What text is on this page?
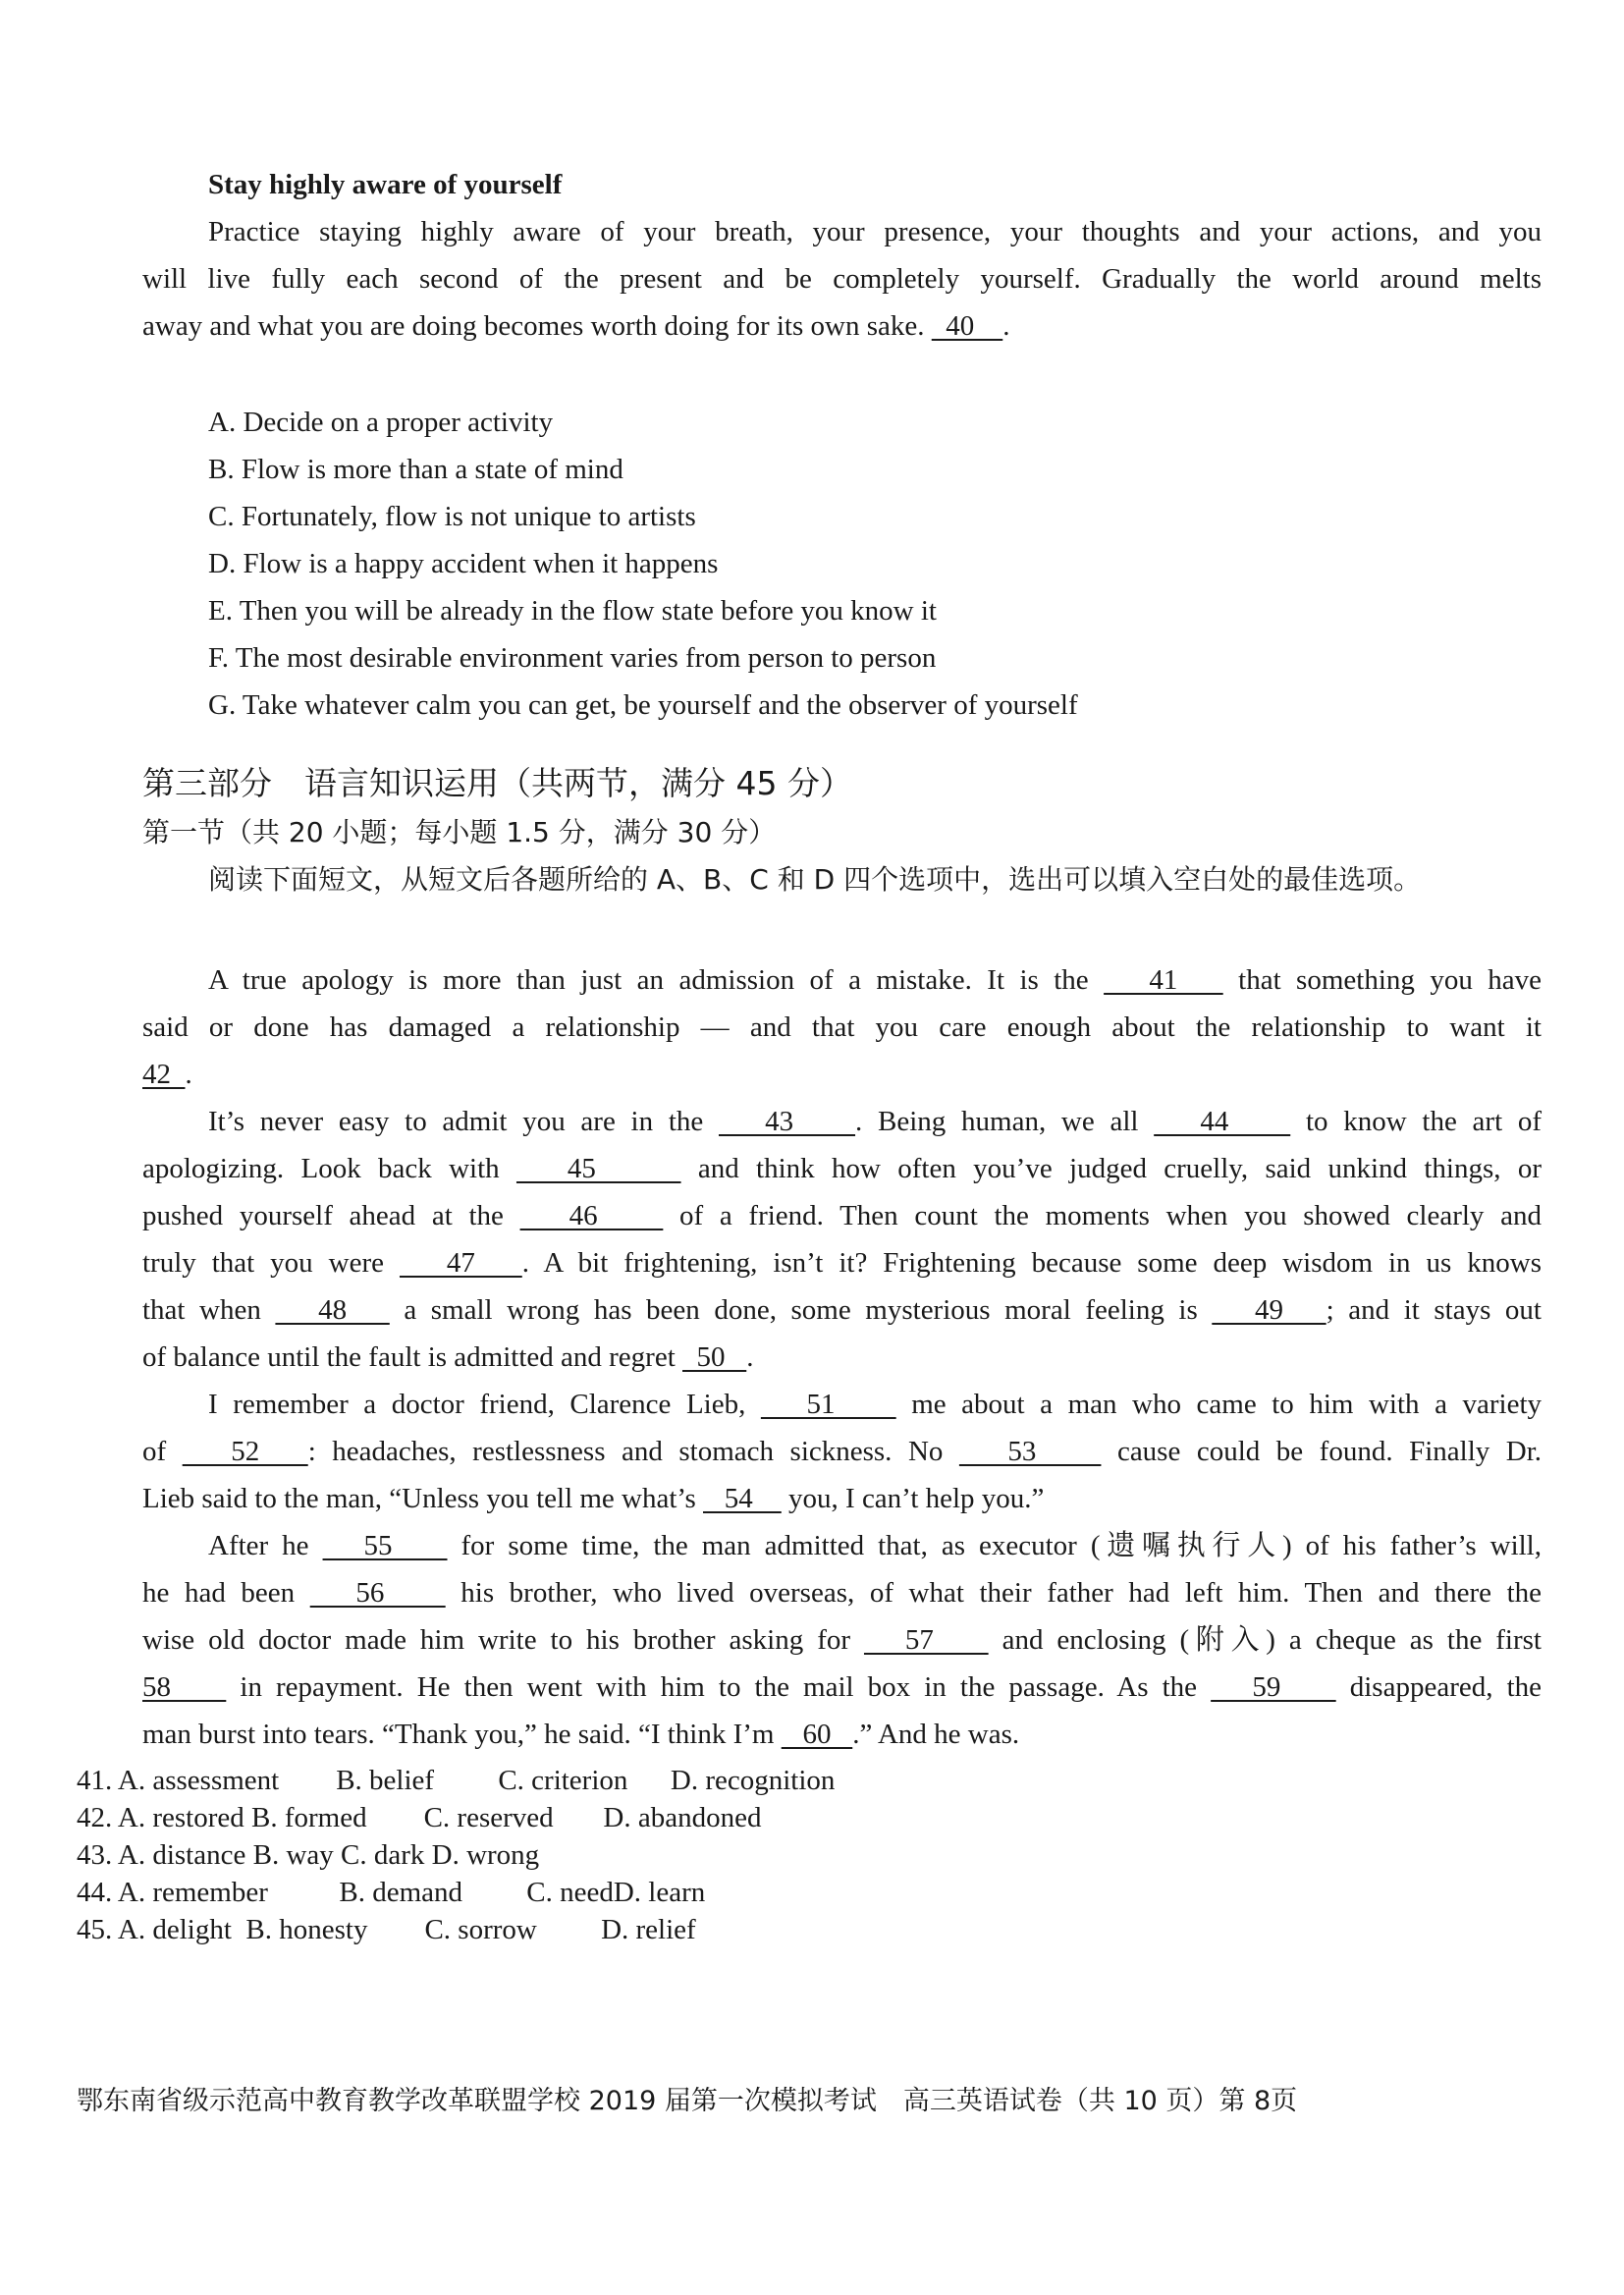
Stay highly aware of yourself
Practice staying highly aware of your breath, your presence, your thoughts and your actions, and you
will live fully each second of the present and be completely yourself. Gradually the world around melts
away and what you are doing becomes worth doing for its own sake.   40    .
A. Decide on a proper activity
B. Flow is more than a state of mind
C. Fortunately, flow is not unique to artists
D. Flow is a happy accident when it happens
E. Then you will be already in the flow state before you know it
F. The most desirable environment varies from person to person
G. Take whatever calm you can get, be yourself and the observer of yourself
第三部分　语言知识运用（共两节，满分 45 分）
第一节（共 20 小题；每小题 1.5 分，满分 30 分）
阅读下面短文，从短文后各题所给的 A、B、C 和 D 四个选项中，选出可以填入空白处的最佳选项。
A true apology is more than just an admission of a mistake. It is the    41    that something you have
said or done has damaged a relationship — and that you care enough about the relationship to want it
42  .
It’s never easy to admit you are in the    43    . Being human, we all    44     to know the art of
apologizing. Look back with    45      and think how often you’ve judged cruelly, said unkind things, or
pushed yourself ahead at the    46     of a friend. Then count the moments when you showed clearly and
truly that you were    47   . A bit frightening, isn’t it? Frightening because some deep wisdom in us knows
that when    48    a small wrong has been done, some mysterious moral feeling is    49   ; and it stays out
of balance until the fault is admitted and regret   50   .
I remember a doctor friend, Clarence Lieb,    51     me about a man who came to him with a variety
of    52   : headaches, restlessness and stomach sickness. No    53     cause could be found. Finally Dr.
Lieb said to the man, “Unless you tell me what’s    54     you, I can’t help you.”
After he    55     for some time, the man admitted that, as executor (遗嘱执行人) of his father’s will,
he had been    56     his brother, who lived overseas, of what their father had left him. Then and there the
wise old doctor made him write to his brother asking for    57     and enclosing (附入) a cheque as the first
58     in repayment. He then went with him to the mail box in the passage. As the    59     disappeared, the
man burst into tears. “Thank you,” he said. “I think I’m    60   .” And he was.
41. A. assessment        B. belief         C. criterion      D. recognition
42. A. restored B. formed        C. reserved       D. abandoned
43. A. distance B. way C. dark D. wrong
44. A. remember          B. demand         C. needD. learn
45. A. delight  B. honesty        C. sorrow         D. relief
鄂东南省级示范高中教育教学改革联盟学校 2019 届第一次模拟考试　高三英语试卷（共 10 页）第 8页
